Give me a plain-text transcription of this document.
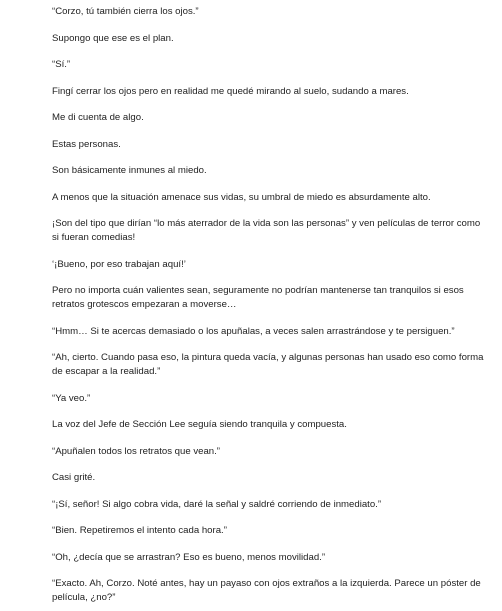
“Corzo, tú también cierra los ojos.”

Supongo que ese es el plan.

“Sí.”

Fingí cerrar los ojos pero en realidad me quedé mirando al suelo, sudando a mares.

Me di cuenta de algo.

Estas personas.

Son básicamente inmunes al miedo.

A menos que la situación amenace sus vidas, su umbral de miedo es absurdamente alto.

¡Son del tipo que dirían “lo más aterrador de la vida son las personas” y ven películas de terror como si fueran comedias!

‘¡Bueno, por eso trabajan aquí!’

Pero no importa cuán valientes sean, seguramente no podrían mantenerse tan tranquilos si esos retratos grotescos empezaran a moverse…

“Hmm… Si te acercas demasiado o los apuñalas, a veces salen arrastrándose y te persiguen.”

“Ah, cierto. Cuando pasa eso, la pintura queda vacía, y algunas personas han usado eso como forma de escapar a la realidad.”

“Ya veo.”

La voz del Jefe de Sección Lee seguía siendo tranquila y compuesta.

“Apuñalen todos los retratos que vean.”

Casi grité.

“¡Sí, señor! Si algo cobra vida, daré la señal y saldré corriendo de inmediato.”

“Bien. Repetiremos el intento cada hora.”

“Oh, ¿decía que se arrastran? Eso es bueno, menos movilidad.”

“Exacto. Ah, Corzo. Noté antes, hay un payaso con ojos extraños a la izquierda. Parece un póster de película, ¿no?”
